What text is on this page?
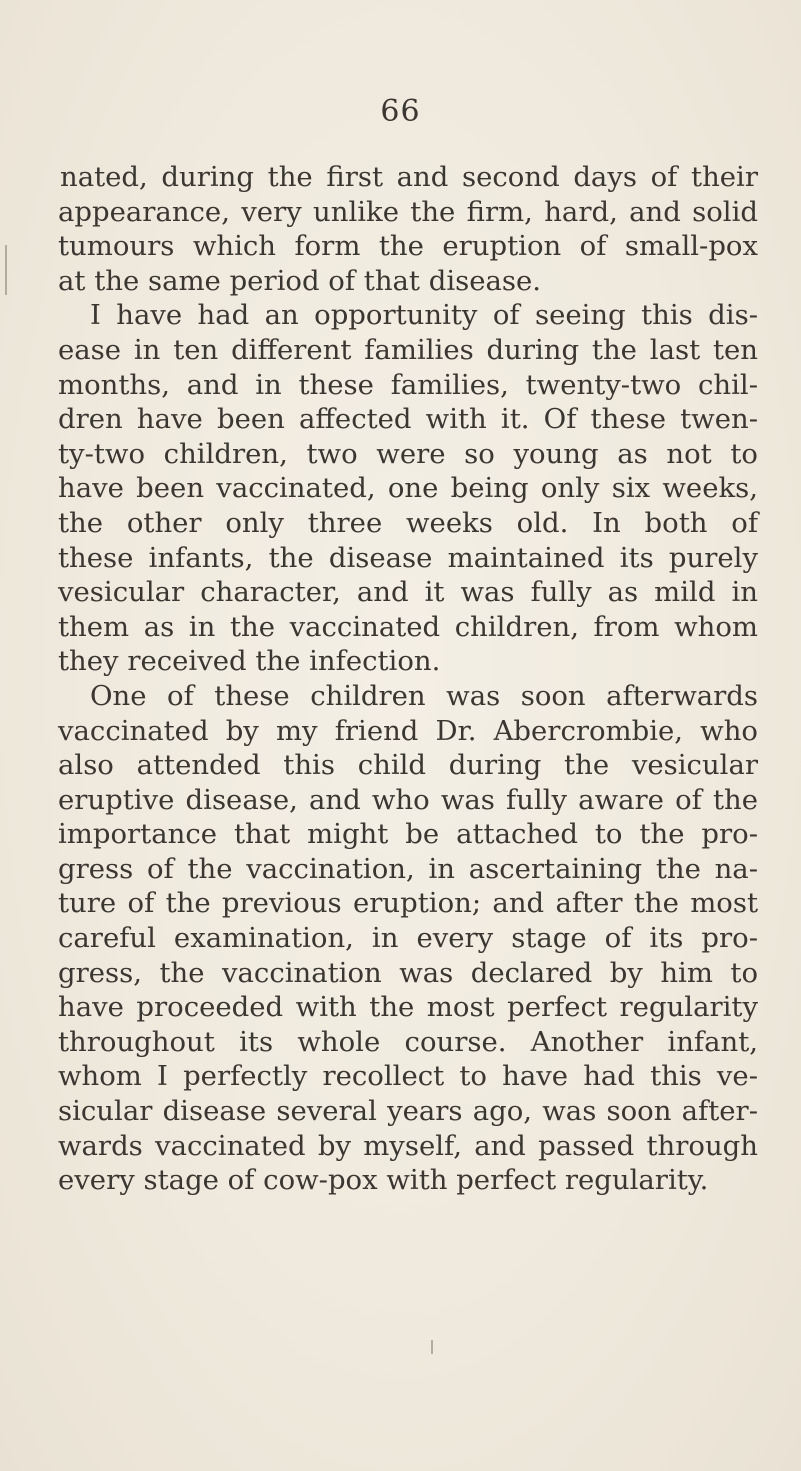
66
nated, during the first and second days of their
appearance, very unlike the firm, hard, and solid
tumours which form the eruption of small-pox
at the same period of that disease.
I have had an opportunity of seeing this dis-
ease in ten different families during the last ten
months, and in these families, twenty-two chil-
dren have been affected with it. Of these twen-
ty-two children, two were so young as not to
have been vaccinated, one being only six weeks,
the other only three weeks old. In both of
these infants, the disease maintained its purely
vesicular character, and it was fully as mild in
them as in the vaccinated children, from whom
they received the infection.
One of these children was soon afterwards
vaccinated by my friend Dr. Abercrombie, who
also attended this child during the vesicular
eruptive disease, and who was fully aware of the
importance that might be attached to the pro-
gress of the vaccination, in ascertaining the na-
ture of the previous eruption; and after the most
careful examination, in every stage of its pro-
gress, the vaccination was declared by him to
have proceeded with the most perfect regularity
throughout its whole course. Another infant,
whom I perfectly recollect to have had this ve-
sicular disease several years ago, was soon after-
wards vaccinated by myself, and passed through
every stage of cow-pox with perfect regularity.
